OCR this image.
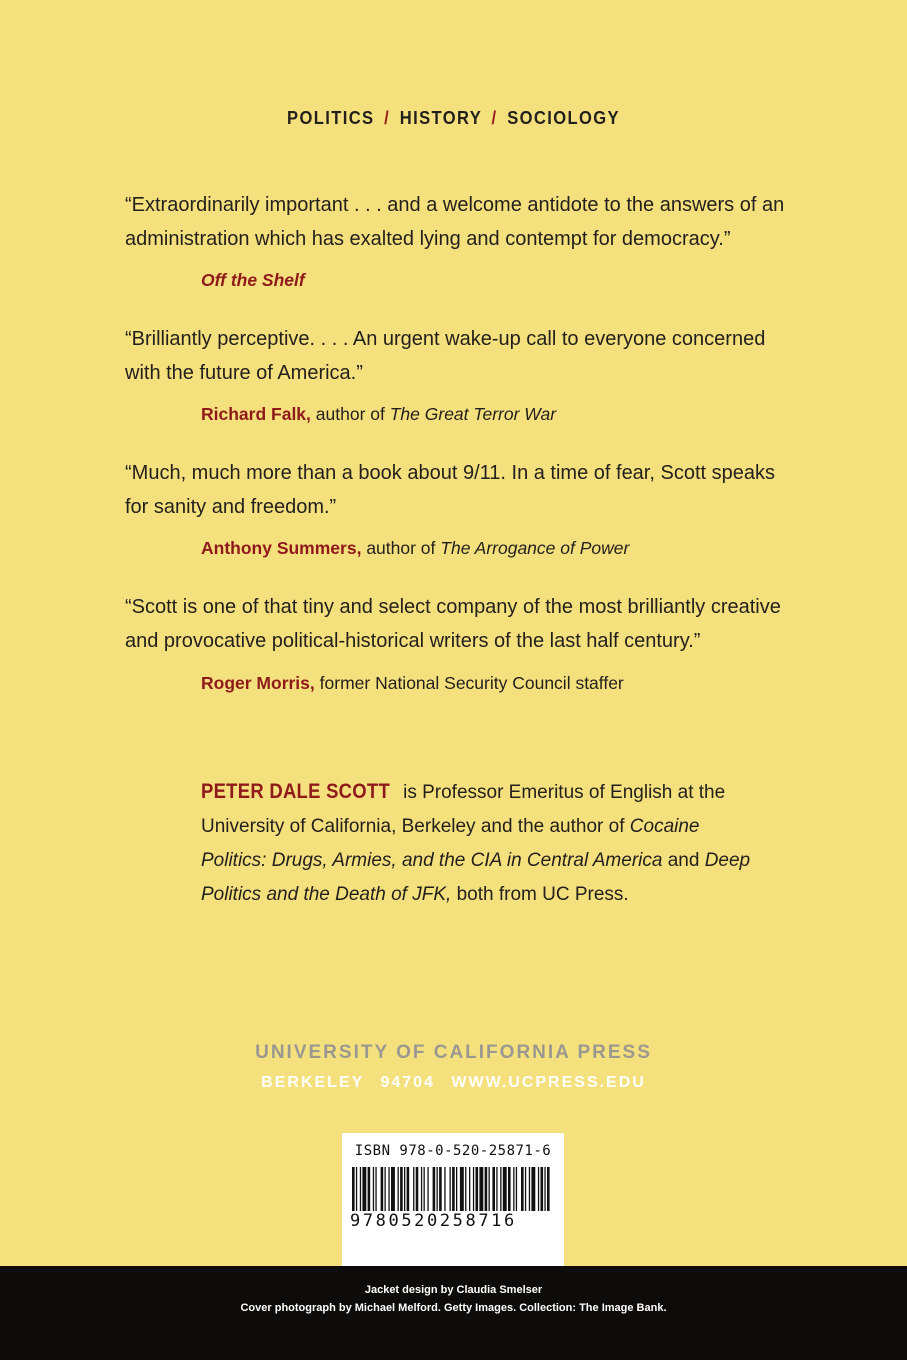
POLITICS / HISTORY / SOCIOLOGY
“Extraordinarily important . . . and a welcome antidote to the answers of an administration which has exalted lying and contempt for democracy.”
Off the Shelf
“Brilliantly perceptive. . . . An urgent wake-up call to everyone concerned with the future of America.”
Richard Falk, author of The Great Terror War
“Much, much more than a book about 9/11. In a time of fear, Scott speaks for sanity and freedom.”
Anthony Summers, author of The Arrogance of Power
“Scott is one of that tiny and select company of the most brilliantly creative and provocative political-historical writers of the last half century.”
Roger Morris, former National Security Council staffer
PETER DALE SCOTT is Professor Emeritus of English at the University of California, Berkeley and the author of Cocaine Politics: Drugs, Armies, and the CIA in Central America and Deep Politics and the Death of JFK, both from UC Press.
UNIVERSITY OF CALIFORNIA PRESS
BERKELEY 94704 WWW.UCPRESS.EDU
ISBN 978-0-520-25871-6
9780520258716
Jacket design by Claudia Smelser
Cover photograph by Michael Melford. Getty Images. Collection: The Image Bank.
